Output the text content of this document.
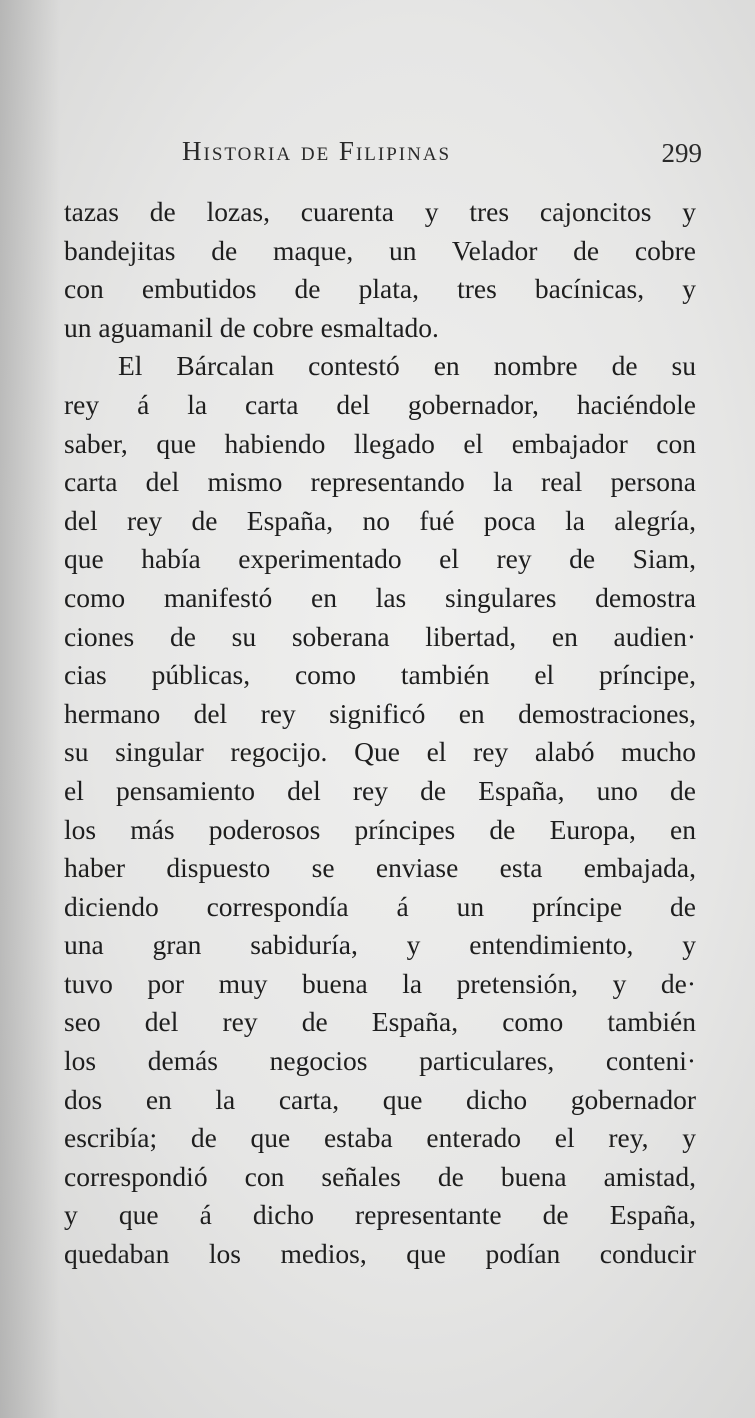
Historia de Filipinas	299
tazas de lozas, cuarenta y tres cajoncitos y
bandejitas de maque, un Velador de cobre
con embutidos de plata, tres bacínicas, y
un aguamanil de cobre esmaltado.
El Bárcalan contestó en nombre de su
rey á la carta del gobernador, haciéndole
saber, que habiendo llegado el embajador con
carta del mismo representando la real persona
del rey de España, no fué poca la alegría,
que había experimentado el rey de Siam,
como manifestó en las singulares demostra
ciones de su soberana libertad, en audien·
cias públicas, como también el príncipe,
hermano del rey significó en demostraciones,
su singular regocijo. Que el rey alabó mucho
el pensamiento del rey de España, uno de
los más poderosos príncipes de Europa, en
haber dispuesto se enviase esta embajada,
diciendo correspondía á un príncipe de
una gran sabiduría, y entendimiento, y
tuvo por muy buena la pretensión, y de·
seo del rey de España, como también
los demás negocios particulares, conteni·
dos en la carta, que dicho gobernador
escribía; de que estaba enterado el rey, y
correspondió con señales de buena amistad,
y que á dicho representante de España,
quedaban los medios, que podían conducir
